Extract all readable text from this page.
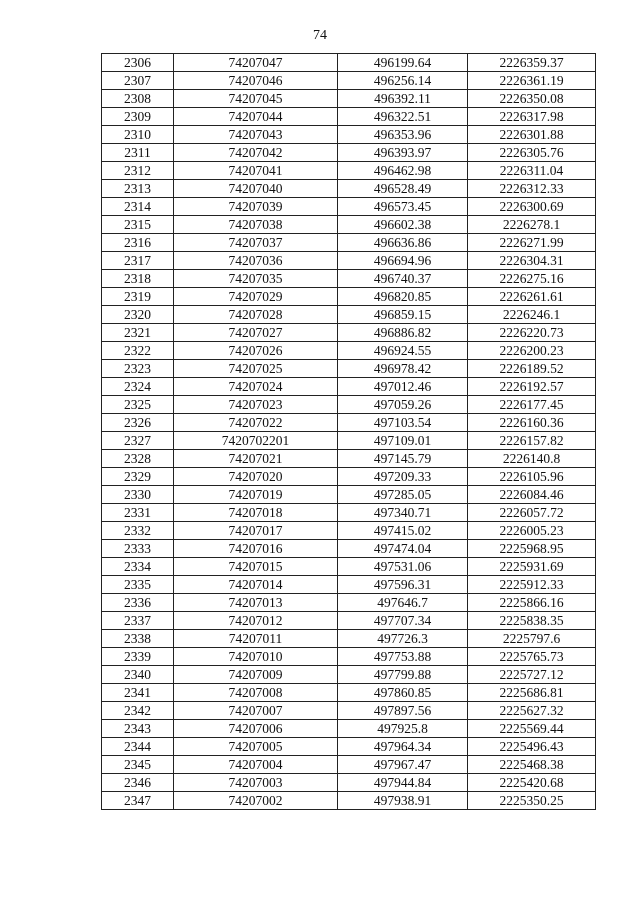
74
2306	74207047	496199.64	2226359.37
2307	74207046	496256.14	2226361.19
2308	74207045	496392.11	2226350.08
2309	74207044	496322.51	2226317.98
2310	74207043	496353.96	2226301.88
2311	74207042	496393.97	2226305.76
2312	74207041	496462.98	2226311.04
2313	74207040	496528.49	2226312.33
2314	74207039	496573.45	2226300.69
2315	74207038	496602.38	2226278.1
2316	74207037	496636.86	2226271.99
2317	74207036	496694.96	2226304.31
2318	74207035	496740.37	2226275.16
2319	74207029	496820.85	2226261.61
2320	74207028	496859.15	2226246.1
2321	74207027	496886.82	2226220.73
2322	74207026	496924.55	2226200.23
2323	74207025	496978.42	2226189.52
2324	74207024	497012.46	2226192.57
2325	74207023	497059.26	2226177.45
2326	74207022	497103.54	2226160.36
2327	7420702201	497109.01	2226157.82
2328	74207021	497145.79	2226140.8
2329	74207020	497209.33	2226105.96
2330	74207019	497285.05	2226084.46
2331	74207018	497340.71	2226057.72
2332	74207017	497415.02	2226005.23
2333	74207016	497474.04	2225968.95
2334	74207015	497531.06	2225931.69
2335	74207014	497596.31	2225912.33
2336	74207013	497646.7	2225866.16
2337	74207012	497707.34	2225838.35
2338	74207011	497726.3	2225797.6
2339	74207010	497753.88	2225765.73
2340	74207009	497799.88	2225727.12
2341	74207008	497860.85	2225686.81
2342	74207007	497897.56	2225627.32
2343	74207006	497925.8	2225569.44
2344	74207005	497964.34	2225496.43
2345	74207004	497967.47	2225468.38
2346	74207003	497944.84	2225420.68
2347	74207002	497938.91	2225350.25
